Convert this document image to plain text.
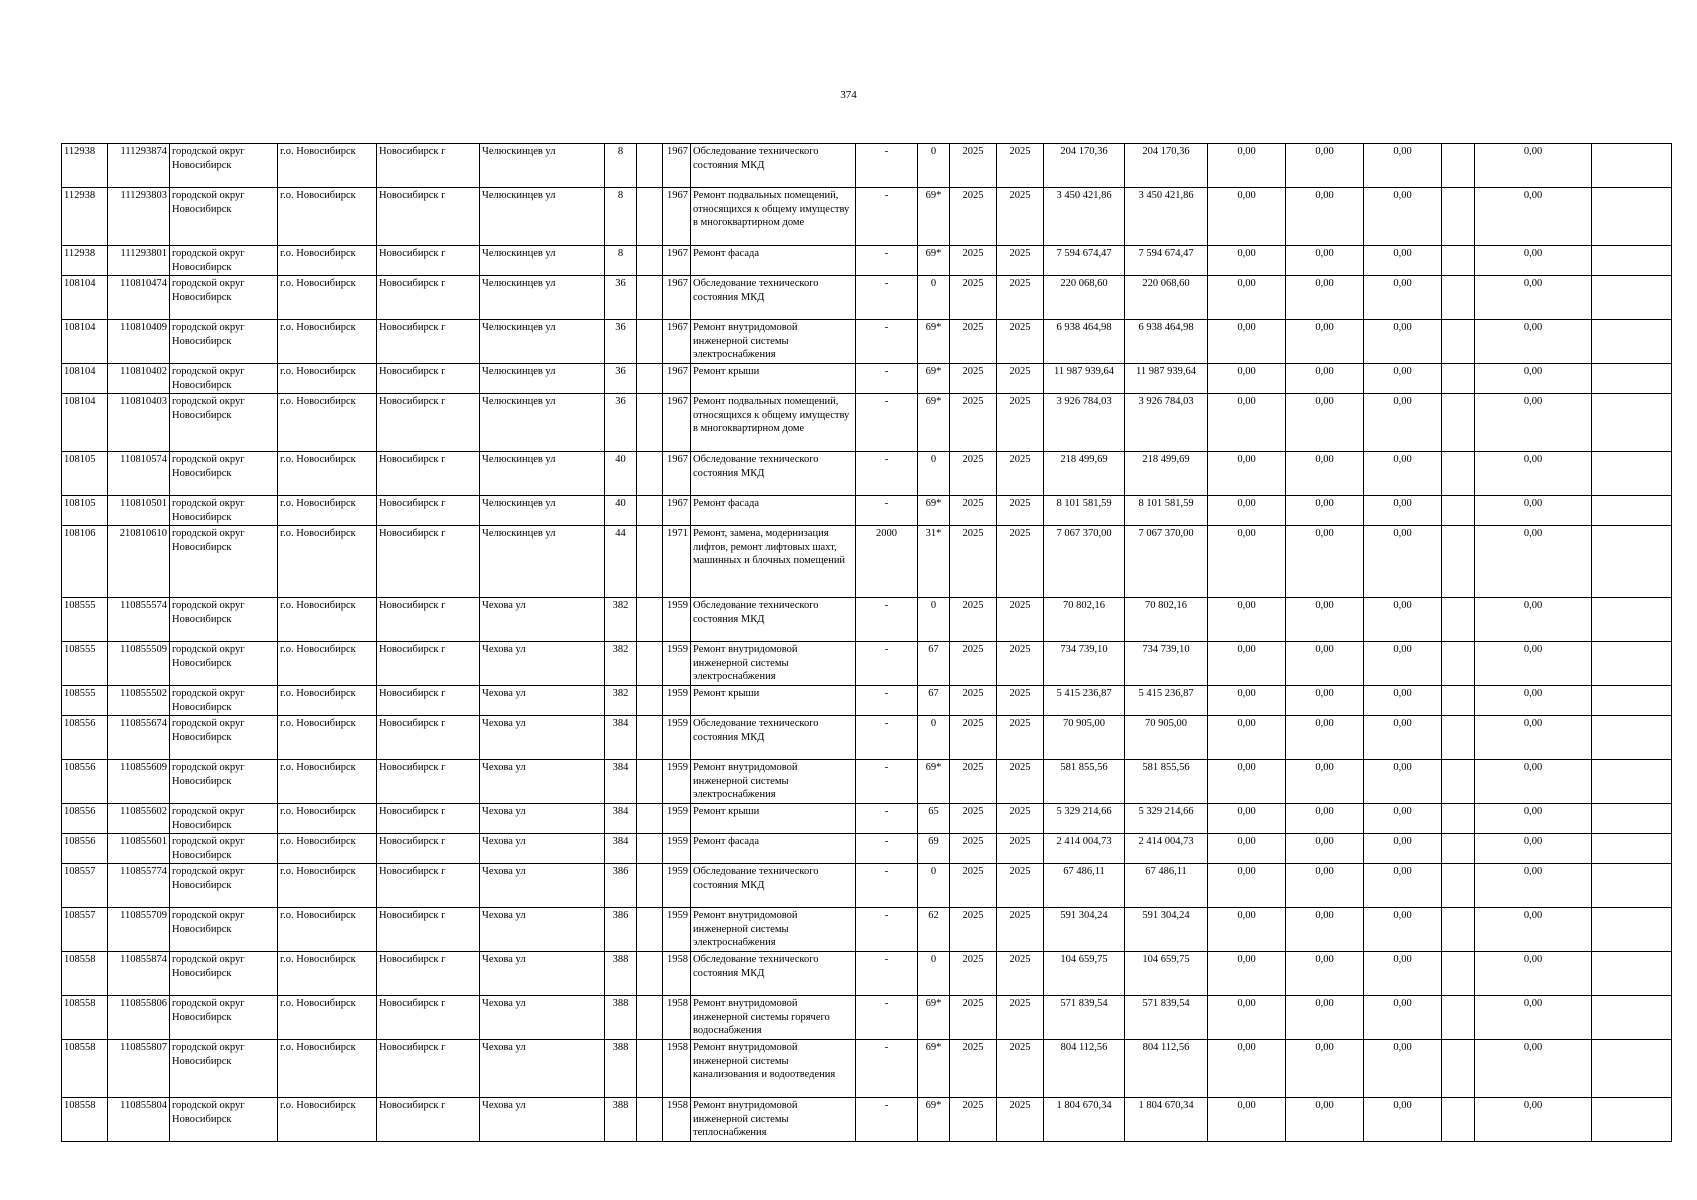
374
112938	111293874	городской округ Новосибирск	г.о. Новосибирск	Новосибирск г	Челюскинцев ул	8		1967	Обследование технического состояния МКД	-	0	2025	2025	204 170,36	204 170,36	0,00	0,00	0,00		0,00	
112938	111293803	городской округ Новосибирск	г.о. Новосибирск	Новосибирск г	Челюскинцев ул	8		1967	Ремонт подвальных помещений, относящихся к общему имуществу в многоквартирном доме	-	69*	2025	2025	3 450 421,86	3 450 421,86	0,00	0,00	0,00		0,00	
112938	111293801	городской округ Новосибирск	г.о. Новосибирск	Новосибирск г	Челюскинцев ул	8		1967	Ремонт фасада	-	69*	2025	2025	7 594 674,47	7 594 674,47	0,00	0,00	0,00		0,00	
108104	110810474	городской округ Новосибирск	г.о. Новосибирск	Новосибирск г	Челюскинцев ул	36		1967	Обследование технического состояния МКД	-	0	2025	2025	220 068,60	220 068,60	0,00	0,00	0,00		0,00	
108104	110810409	городской округ Новосибирск	г.о. Новосибирск	Новосибирск г	Челюскинцев ул	36		1967	Ремонт внутридомовой инженерной системы электроснабжения	-	69*	2025	2025	6 938 464,98	6 938 464,98	0,00	0,00	0,00		0,00	
108104	110810402	городской округ Новосибирск	г.о. Новосибирск	Новосибирск г	Челюскинцев ул	36		1967	Ремонт крыши	-	69*	2025	2025	11 987 939,64	11 987 939,64	0,00	0,00	0,00		0,00	
108104	110810403	городской округ Новосибирск	г.о. Новосибирск	Новосибирск г	Челюскинцев ул	36		1967	Ремонт подвальных помещений, относящихся к общему имуществу в многоквартирном доме	-	69*	2025	2025	3 926 784,03	3 926 784,03	0,00	0,00	0,00		0,00	
108105	110810574	городской округ Новосибирск	г.о. Новосибирск	Новосибирск г	Челюскинцев ул	40		1967	Обследование технического состояния МКД	-	0	2025	2025	218 499,69	218 499,69	0,00	0,00	0,00		0,00	
108105	110810501	городской округ Новосибирск	г.о. Новосибирск	Новосибирск г	Челюскинцев ул	40		1967	Ремонт фасада	-	69*	2025	2025	8 101 581,59	8 101 581,59	0,00	0,00	0,00		0,00	
108106	210810610	городской округ Новосибирск	г.о. Новосибирск	Новосибирск г	Челюскинцев ул	44		1971	Ремонт, замена, модернизация лифтов, ремонт лифтовых шахт, машинных и блочных помещений	2000	31*	2025	2025	7 067 370,00	7 067 370,00	0,00	0,00	0,00		0,00	
108555	110855574	городской округ Новосибирск	г.о. Новосибирск	Новосибирск г	Чехова ул	382		1959	Обследование технического состояния МКД	-	0	2025	2025	70 802,16	70 802,16	0,00	0,00	0,00		0,00	
108555	110855509	городской округ Новосибирск	г.о. Новосибирск	Новосибирск г	Чехова ул	382		1959	Ремонт внутридомовой инженерной системы электроснабжения	-	67	2025	2025	734 739,10	734 739,10	0,00	0,00	0,00		0,00	
108555	110855502	городской округ Новосибирск	г.о. Новосибирск	Новосибирск г	Чехова ул	382		1959	Ремонт крыши	-	67	2025	2025	5 415 236,87	5 415 236,87	0,00	0,00	0,00		0,00	
108556	110855674	городской округ Новосибирск	г.о. Новосибирск	Новосибирск г	Чехова ул	384		1959	Обследование технического состояния МКД	-	0	2025	2025	70 905,00	70 905,00	0,00	0,00	0,00		0,00	
108556	110855609	городской округ Новосибирск	г.о. Новосибирск	Новосибирск г	Чехова ул	384		1959	Ремонт внутридомовой инженерной системы электроснабжения	-	69*	2025	2025	581 855,56	581 855,56	0,00	0,00	0,00		0,00	
108556	110855602	городской округ Новосибирск	г.о. Новосибирск	Новосибирск г	Чехова ул	384		1959	Ремонт крыши	-	65	2025	2025	5 329 214,66	5 329 214,66	0,00	0,00	0,00		0,00	
108556	110855601	городской округ Новосибирск	г.о. Новосибирск	Новосибирск г	Чехова ул	384		1959	Ремонт фасада	-	69	2025	2025	2 414 004,73	2 414 004,73	0,00	0,00	0,00		0,00	
108557	110855774	городской округ Новосибирск	г.о. Новосибирск	Новосибирск г	Чехова ул	386		1959	Обследование технического состояния МКД	-	0	2025	2025	67 486,11	67 486,11	0,00	0,00	0,00		0,00	
108557	110855709	городской округ Новосибирск	г.о. Новосибирск	Новосибирск г	Чехова ул	386		1959	Ремонт внутридомовой инженерной системы электроснабжения	-	62	2025	2025	591 304,24	591 304,24	0,00	0,00	0,00		0,00	
108558	110855874	городской округ Новосибирск	г.о. Новосибирск	Новосибирск г	Чехова ул	388		1958	Обследование технического состояния МКД	-	0	2025	2025	104 659,75	104 659,75	0,00	0,00	0,00		0,00	
108558	110855806	городской округ Новосибирск	г.о. Новосибирск	Новосибирск г	Чехова ул	388		1958	Ремонт внутридомовой инженерной системы горячего водоснабжения	-	69*	2025	2025	571 839,54	571 839,54	0,00	0,00	0,00		0,00	
108558	110855807	городской округ Новосибирск	г.о. Новосибирск	Новосибирск г	Чехова ул	388		1958	Ремонт внутридомовой инженерной системы канализования и водоотведения	-	69*	2025	2025	804 112,56	804 112,56	0,00	0,00	0,00		0,00	
108558	110855804	городской округ Новосибирск	г.о. Новосибирск	Новосибирск г	Чехова ул	388		1958	Ремонт внутридомовой инженерной системы теплоснабжения	-	69*	2025	2025	1 804 670,34	1 804 670,34	0,00	0,00	0,00		0,00	
